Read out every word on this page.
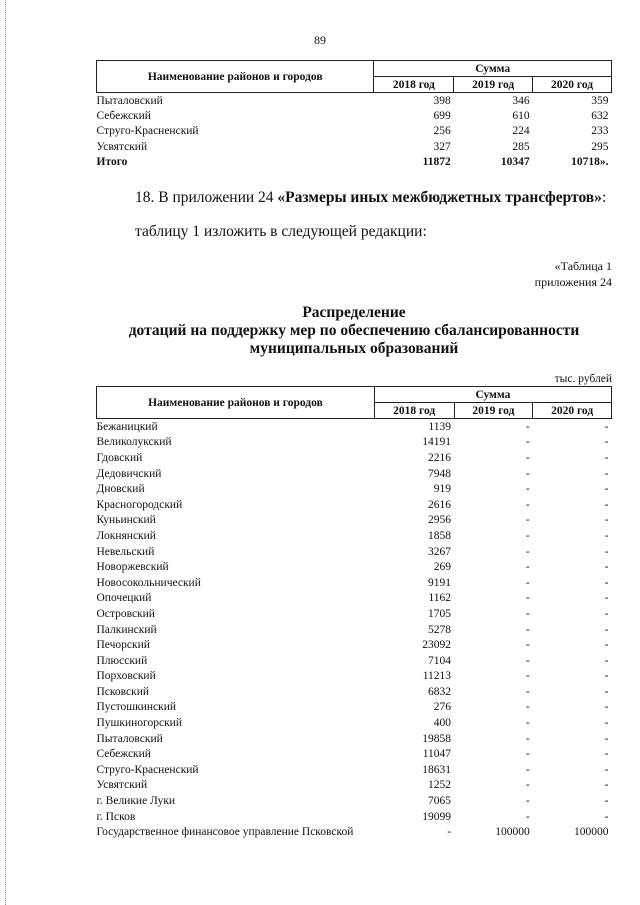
89
Наименование районов и городов	Сумма		
	2018 год	2019 год	2020 год
Пыталовский	398	346	359
Себежский	699	610	632
Струго-Красненский	256	224	233
Усвятский	327	285	295
Итого	11872	10347	10718».
18. В приложении 24 «Размеры иных межбюджетных трансфертов»:
таблицу 1 изложить в следующей редакции:
«Таблица 1
приложения 24
Распределение
дотаций на поддержку мер по обеспечению сбалансированности
муниципальных образований
тыс. рублей
Наименование районов и городов	Сумма		
	2018 год	2019 год	2020 год
Бежаницкий	1139	-	-
Великолукский	14191	-	-
Гдовский	2216	-	-
Дедовичский	7948	-	-
Дновский	919	-	-
Красногородский	2616	-	-
Куньинский	2956	-	-
Локнянский	1858	-	-
Невельский	3267	-	-
Новоржевский	269	-	-
Новосокольнический	9191	-	-
Опочецкий	1162	-	-
Островский	1705	-	-
Палкинский	5278	-	-
Печорский	23092	-	-
Плюсский	7104	-	-
Порховский	11213	-	-
Псковский	6832	-	-
Пустошкинский	276	-	-
Пушкиногорский	400	-	-
Пыталовский	19858	-	-
Себежский	11047	-	-
Струго-Красненский	18631	-	-
Усвятский	1252	-	-
г. Великие Луки	7065	-	-
г. Псков	19099	-	-
Государственное финансовое управление Псковской	-	100000	100000
